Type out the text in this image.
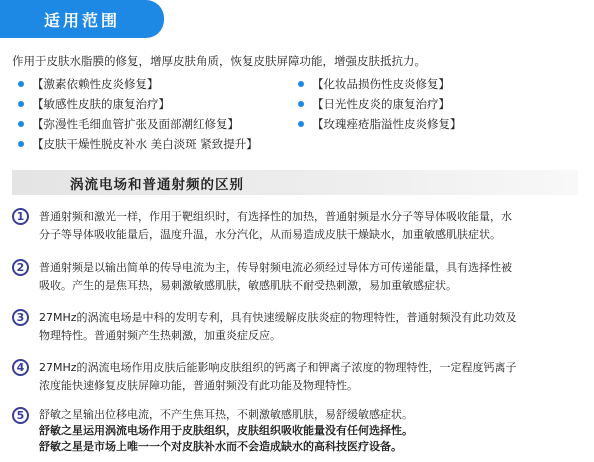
适用范围
作用于皮肤水脂膜的修复，增厚皮肤角质，恢复皮肤屏障功能，增强皮肤抵抗力。
【激素依赖性皮炎修复】
【敏感性皮肤的康复治疗】
【弥漫性毛细血管扩张及面部潮红修复】
【皮肤干燥性脱皮补水 美白淡斑 紧致提升】
【化妆品损伤性皮炎修复】
【日光性皮炎的康复治疗】
【玫瑰痤疮脂溢性皮炎修复】
涡流电场和普通射频的区别
1	普通射频和激光一样，作用于靶组织时，有选择性的加热，普通射频是水分子等导体吸收能量，水
分子等导体吸收能量后，温度升温，水分汽化，从而易造成皮肤干燥缺水，加重敏感肌肤症状。
2	普通射频是以输出简单的传导电流为主，传导射频电流必须经过导体方可传递能量，具有选择性被
吸收。产生的是焦耳热，易刺激敏感肌肤，敏感肌肤不耐受热刺激，易加重敏感症状。
3	27MHz的涡流电场是中科的发明专利，具有快速缓解皮肤炎症的物理特性，普通射频没有此功效及
物理特性。普通射频产生热刺激，加重炎症反应。
4	27MHz的涡流电场作用皮肤后能影响皮肤组织的钙离子和钾离子浓度的物理特性，一定程度钙离子
浓度能快速修复皮肤屏障功能，普通射频没有此功能及物理特性。
5	舒敏之星输出位移电流，不产生焦耳热，不刺激敏感肌肤，易舒缓敏感症状。
舒敏之星运用涡流电场作用于皮肤组织，皮肤组织吸收能量没有任何选择性。
舒敏之星是市场上唯一一个对皮肤补水而不会造成缺水的高科技医疗设备。
